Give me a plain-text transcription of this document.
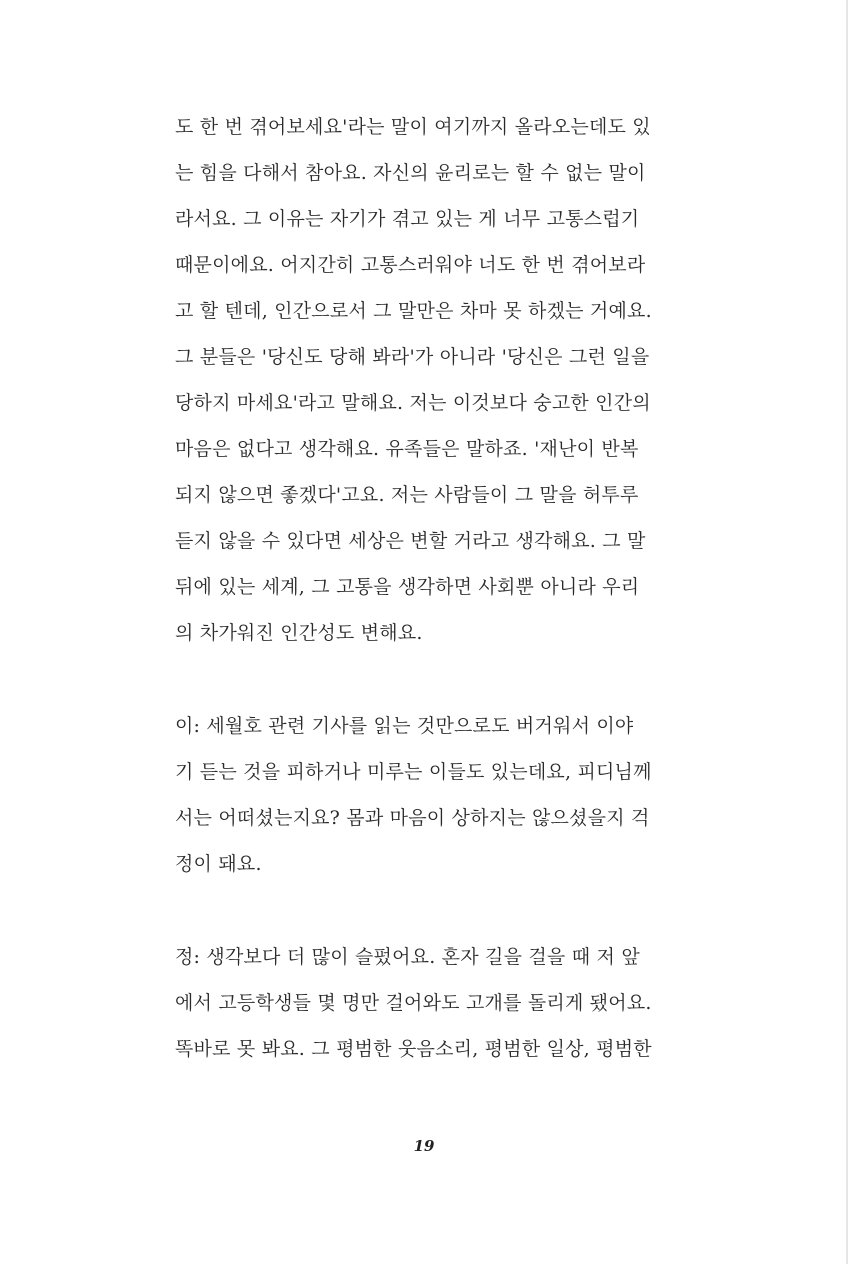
도 한 번 겪어보세요'라는 말이 여기까지 올라오는데도 있
는 힘을 다해서 참아요. 자신의 윤리로는 할 수 없는 말이
라서요. 그 이유는 자기가 겪고 있는 게 너무 고통스럽기
때문이에요. 어지간히 고통스러워야 너도 한 번 겪어보라
고 할 텐데, 인간으로서 그 말만은 차마 못 하겠는 거예요.
그 분들은 '당신도 당해 봐라'가 아니라 '당신은 그런 일을
당하지 마세요'라고 말해요. 저는 이것보다 숭고한 인간의
마음은 없다고 생각해요. 유족들은 말하죠. '재난이 반복
되지 않으면 좋겠다'고요. 저는 사람들이 그 말을 허투루
듣지 않을 수 있다면 세상은 변할 거라고 생각해요. 그 말
뒤에 있는 세계, 그 고통을 생각하면 사회뿐 아니라 우리
의 차가워진 인간성도 변해요.
이: 세월호 관련 기사를 읽는 것만으로도 버거워서 이야
기 듣는 것을 피하거나 미루는 이들도 있는데요, 피디님께
서는 어떠셨는지요? 몸과 마음이 상하지는 않으셨을지 걱
정이 돼요.
정: 생각보다 더 많이 슬펐어요. 혼자 길을 걸을 때 저 앞
에서 고등학생들 몇 명만 걸어와도 고개를 돌리게 됐어요.
똑바로 못 봐요. 그 평범한 웃음소리, 평범한 일상, 평범한
19
